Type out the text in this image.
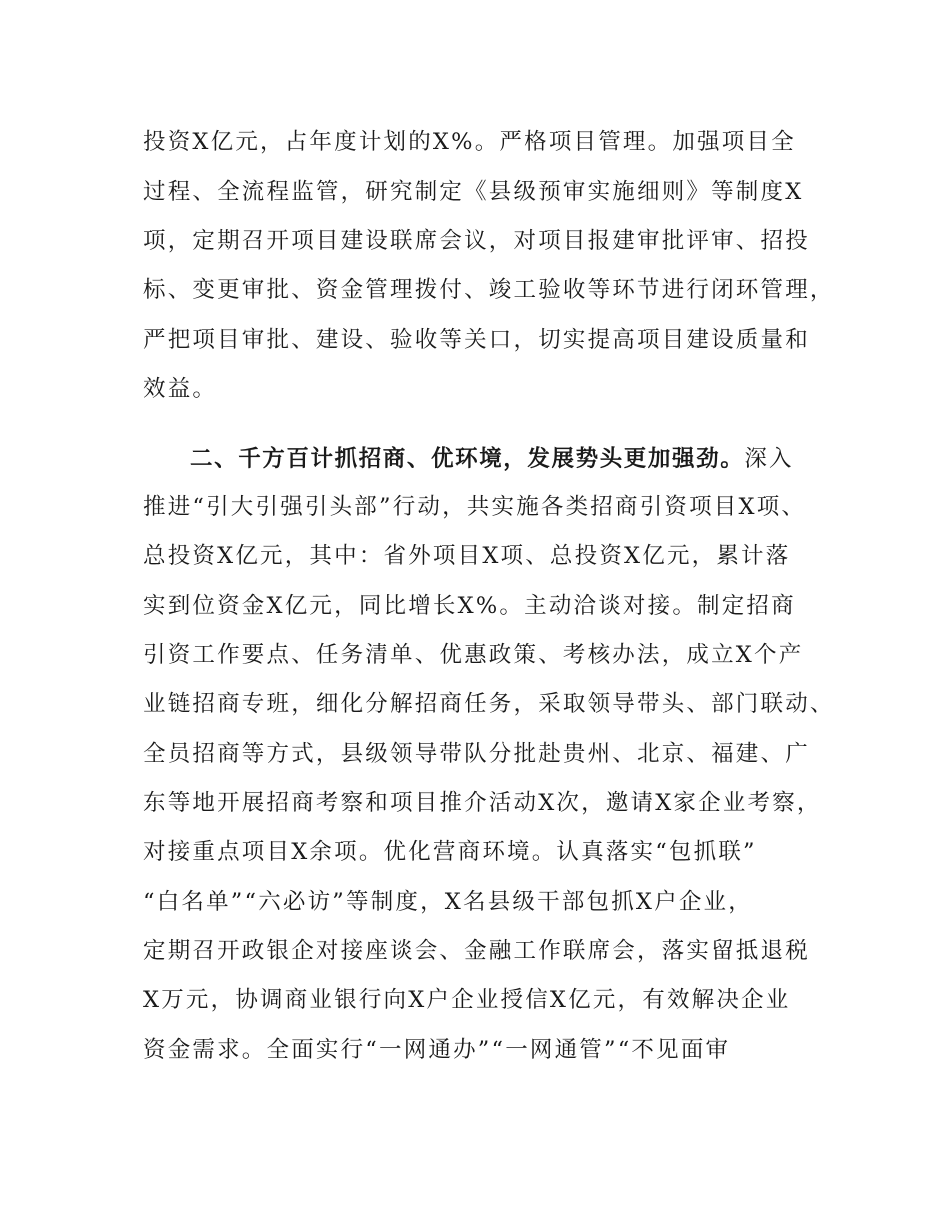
投资X亿元，占年度计划的X%。严格项目管理。加强项目全
过程、全流程监管，研究制定《县级预审实施细则》等制度X
项，定期召开项目建设联席会议，对项目报建审批评审、招投
标、变更审批、资金管理拨付、竣工验收等环节进行闭环管理，
严把项目审批、建设、验收等关口，切实提高项目建设质量和
效益。
二、千方百计抓招商、优环境，发展势头更加强劲。深入
推进“引大引强引头部”行动，共实施各类招商引资项目X项、
总投资X亿元，其中：省外项目X项、总投资X亿元，累计落
实到位资金X亿元，同比增长X%。主动洽谈对接。制定招商
引资工作要点、任务清单、优惠政策、考核办法，成立X个产
业链招商专班，细化分解招商任务，采取领导带头、部门联动、
全员招商等方式，县级领导带队分批赴贵州、北京、福建、广
东等地开展招商考察和项目推介活动X次，邀请X家企业考察，
对接重点项目X余项。优化营商环境。认真落实“包抓联”
“白名单”“六必访”等制度，X名县级干部包抓X户企业，
定期召开政银企对接座谈会、金融工作联席会，落实留抵退税
X万元，协调商业银行向X户企业授信X亿元，有效解决企业
资金需求。全面实行“一网通办”“一网通管”“不见面审
